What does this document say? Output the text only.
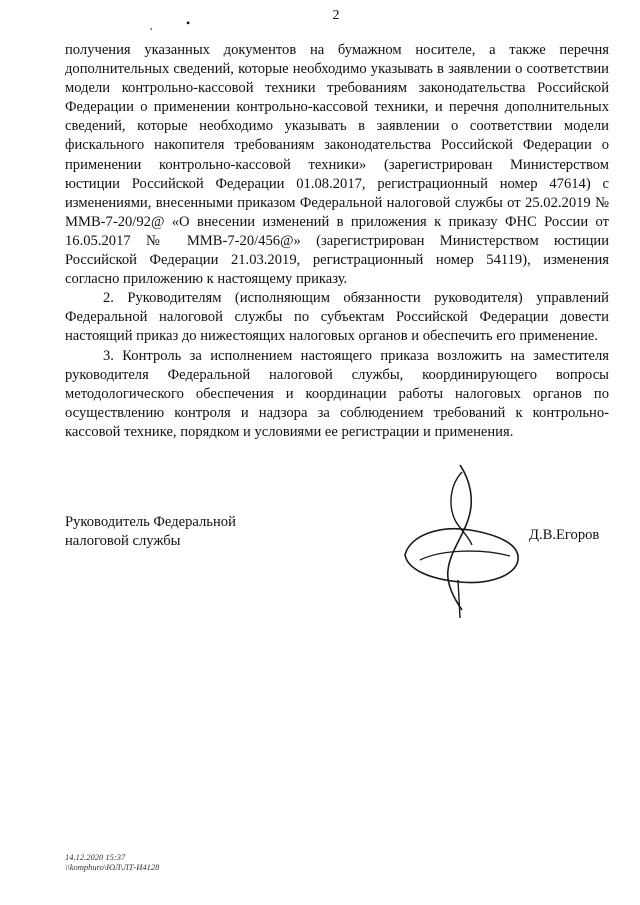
,	•	2

получения указанных документов на бумажном носителе, а также перечня дополнительных сведений, которые необходимо указывать в заявлении о соответствии модели контрольно-кассовой техники требованиям законодательства Российской Федерации о применении контрольно-кассовой техники, и перечня дополнительных сведений, которые необходимо указывать в заявлении о соответствии модели фискального накопителя требованиям законодательства Российской Федерации о применении контрольно-кассовой техники» (зарегистрирован Министерством юстиции Российской Федерации 01.08.2017, регистрационный номер 47614) с изменениями, внесенными приказом Федеральной налоговой службы от 25.02.2019 № ММВ-7-20/92@ «О внесении изменений в приложения к приказу ФНС России от 16.05.2017 № ММВ-7-20/456@» (зарегистрирован Министерством юстиции Российской Федерации 21.03.2019, регистрационный номер 54119), изменения согласно приложению к настоящему приказу.

2. Руководителям (исполняющим обязанности руководителя) управлений Федеральной налоговой службы по субъектам Российской Федерации довести настоящий приказ до нижестоящих налоговых органов и обеспечить его применение.

3. Контроль за исполнением настоящего приказа возложить на заместителя руководителя Федеральной налоговой службы, координирующего вопросы методологического обеспечения и координации работы налоговых органов по осуществлению контроля и надзора за соблюдением требований к контрольно-кассовой технике, порядком и условиями ее регистрации и применения.

Руководитель Федеральной
налоговой службы	Д.В.Егоров
14.12.2020 15:37
\\komphuro\ЮЛ\ЛТ-И4128
